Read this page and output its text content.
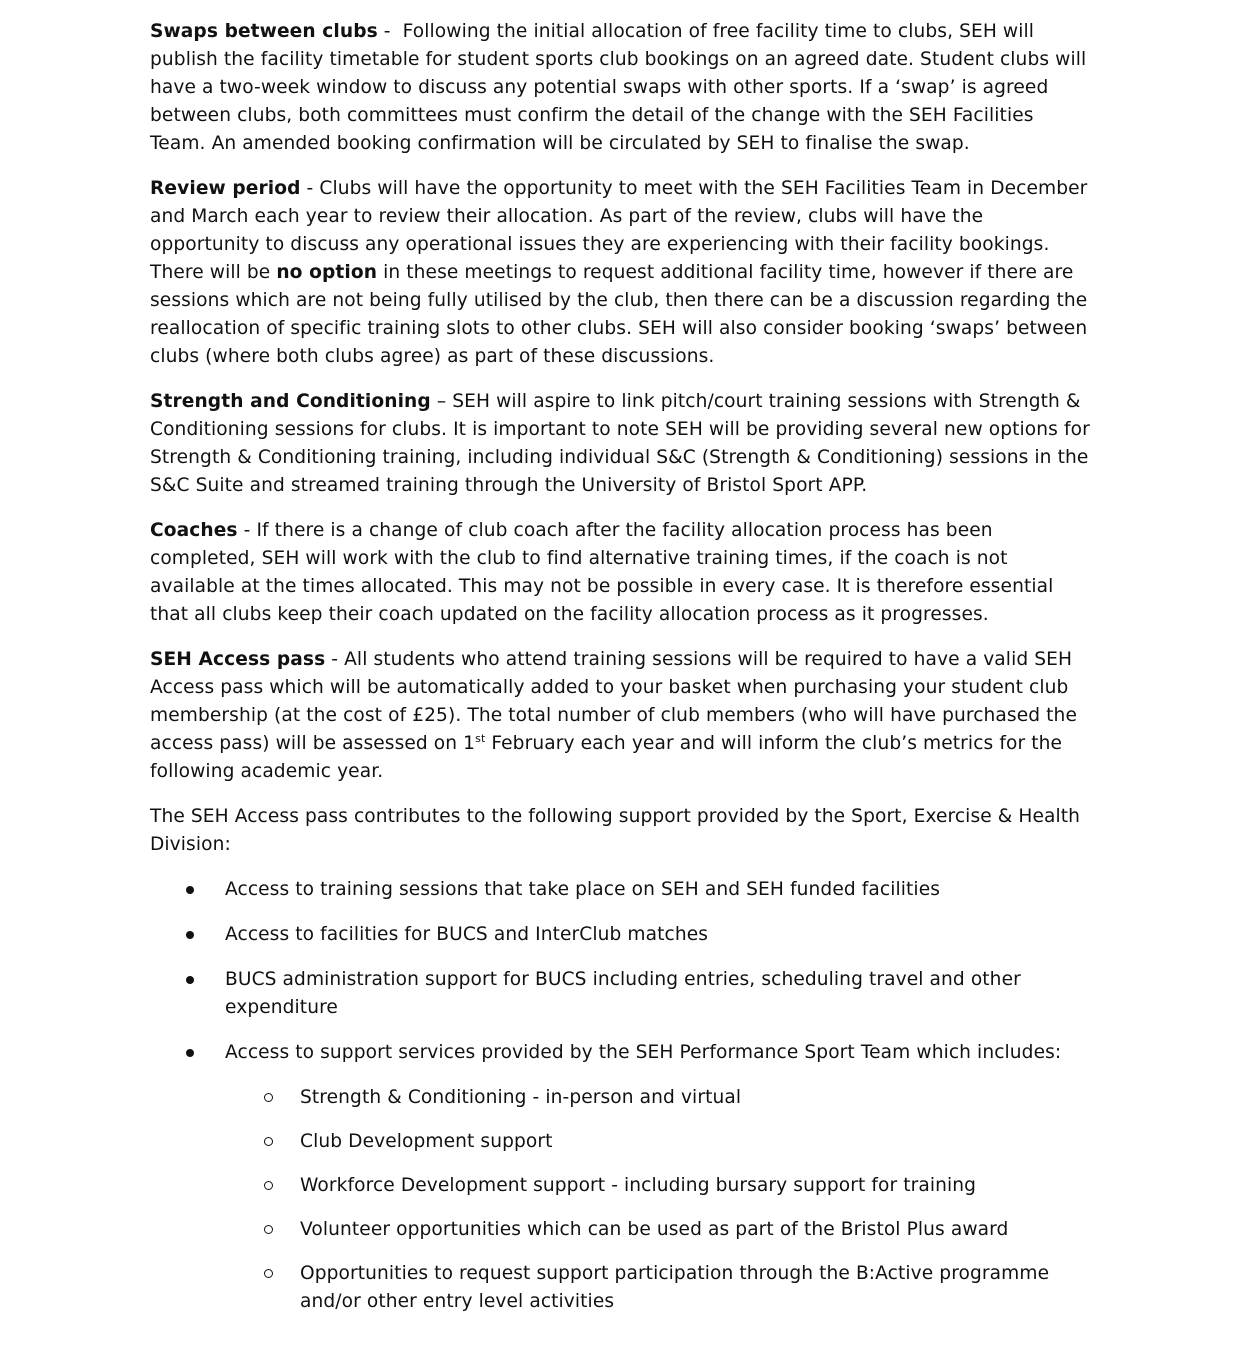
Swaps between clubs -  Following the initial allocation of free facility time to clubs, SEH will publish the facility timetable for student sports club bookings on an agreed date. Student clubs will have a two-week window to discuss any potential swaps with other sports. If a ‘swap’ is agreed between clubs, both committees must confirm the detail of the change with the SEH Facilities Team. An amended booking confirmation will be circulated by SEH to finalise the swap.

Review period - Clubs will have the opportunity to meet with the SEH Facilities Team in December and March each year to review their allocation. As part of the review, clubs will have the opportunity to discuss any operational issues they are experiencing with their facility bookings. There will be no option in these meetings to request additional facility time, however if there are sessions which are not being fully utilised by the club, then there can be a discussion regarding the reallocation of specific training slots to other clubs. SEH will also consider booking ‘swaps’ between clubs (where both clubs agree) as part of these discussions.

Strength and Conditioning – SEH will aspire to link pitch/court training sessions with Strength & Conditioning sessions for clubs. It is important to note SEH will be providing several new options for Strength & Conditioning training, including individual S&C (Strength & Conditioning) sessions in the S&C Suite and streamed training through the University of Bristol Sport APP.

Coaches - If there is a change of club coach after the facility allocation process has been completed, SEH will work with the club to find alternative training times, if the coach is not available at the times allocated. This may not be possible in every case. It is therefore essential that all clubs keep their coach updated on the facility allocation process as it progresses.

SEH Access pass - All students who attend training sessions will be required to have a valid SEH Access pass which will be automatically added to your basket when purchasing your student club membership (at the cost of £25). The total number of club members (who will have purchased the access pass) will be assessed on 1st February each year and will inform the club’s metrics for the following academic year.

The SEH Access pass contributes to the following support provided by the Sport, Exercise & Health Division:

Access to training sessions that take place on SEH and SEH funded facilities
Access to facilities for BUCS and InterClub matches
BUCS administration support for BUCS including entries, scheduling travel and other expenditure
Access to support services provided by the SEH Performance Sport Team which includes:
Strength & Conditioning - in-person and virtual
Club Development support
Workforce Development support - including bursary support for training
Volunteer opportunities which can be used as part of the Bristol Plus award
Opportunities to request support participation through the B:Active programme and/or other entry level activities
